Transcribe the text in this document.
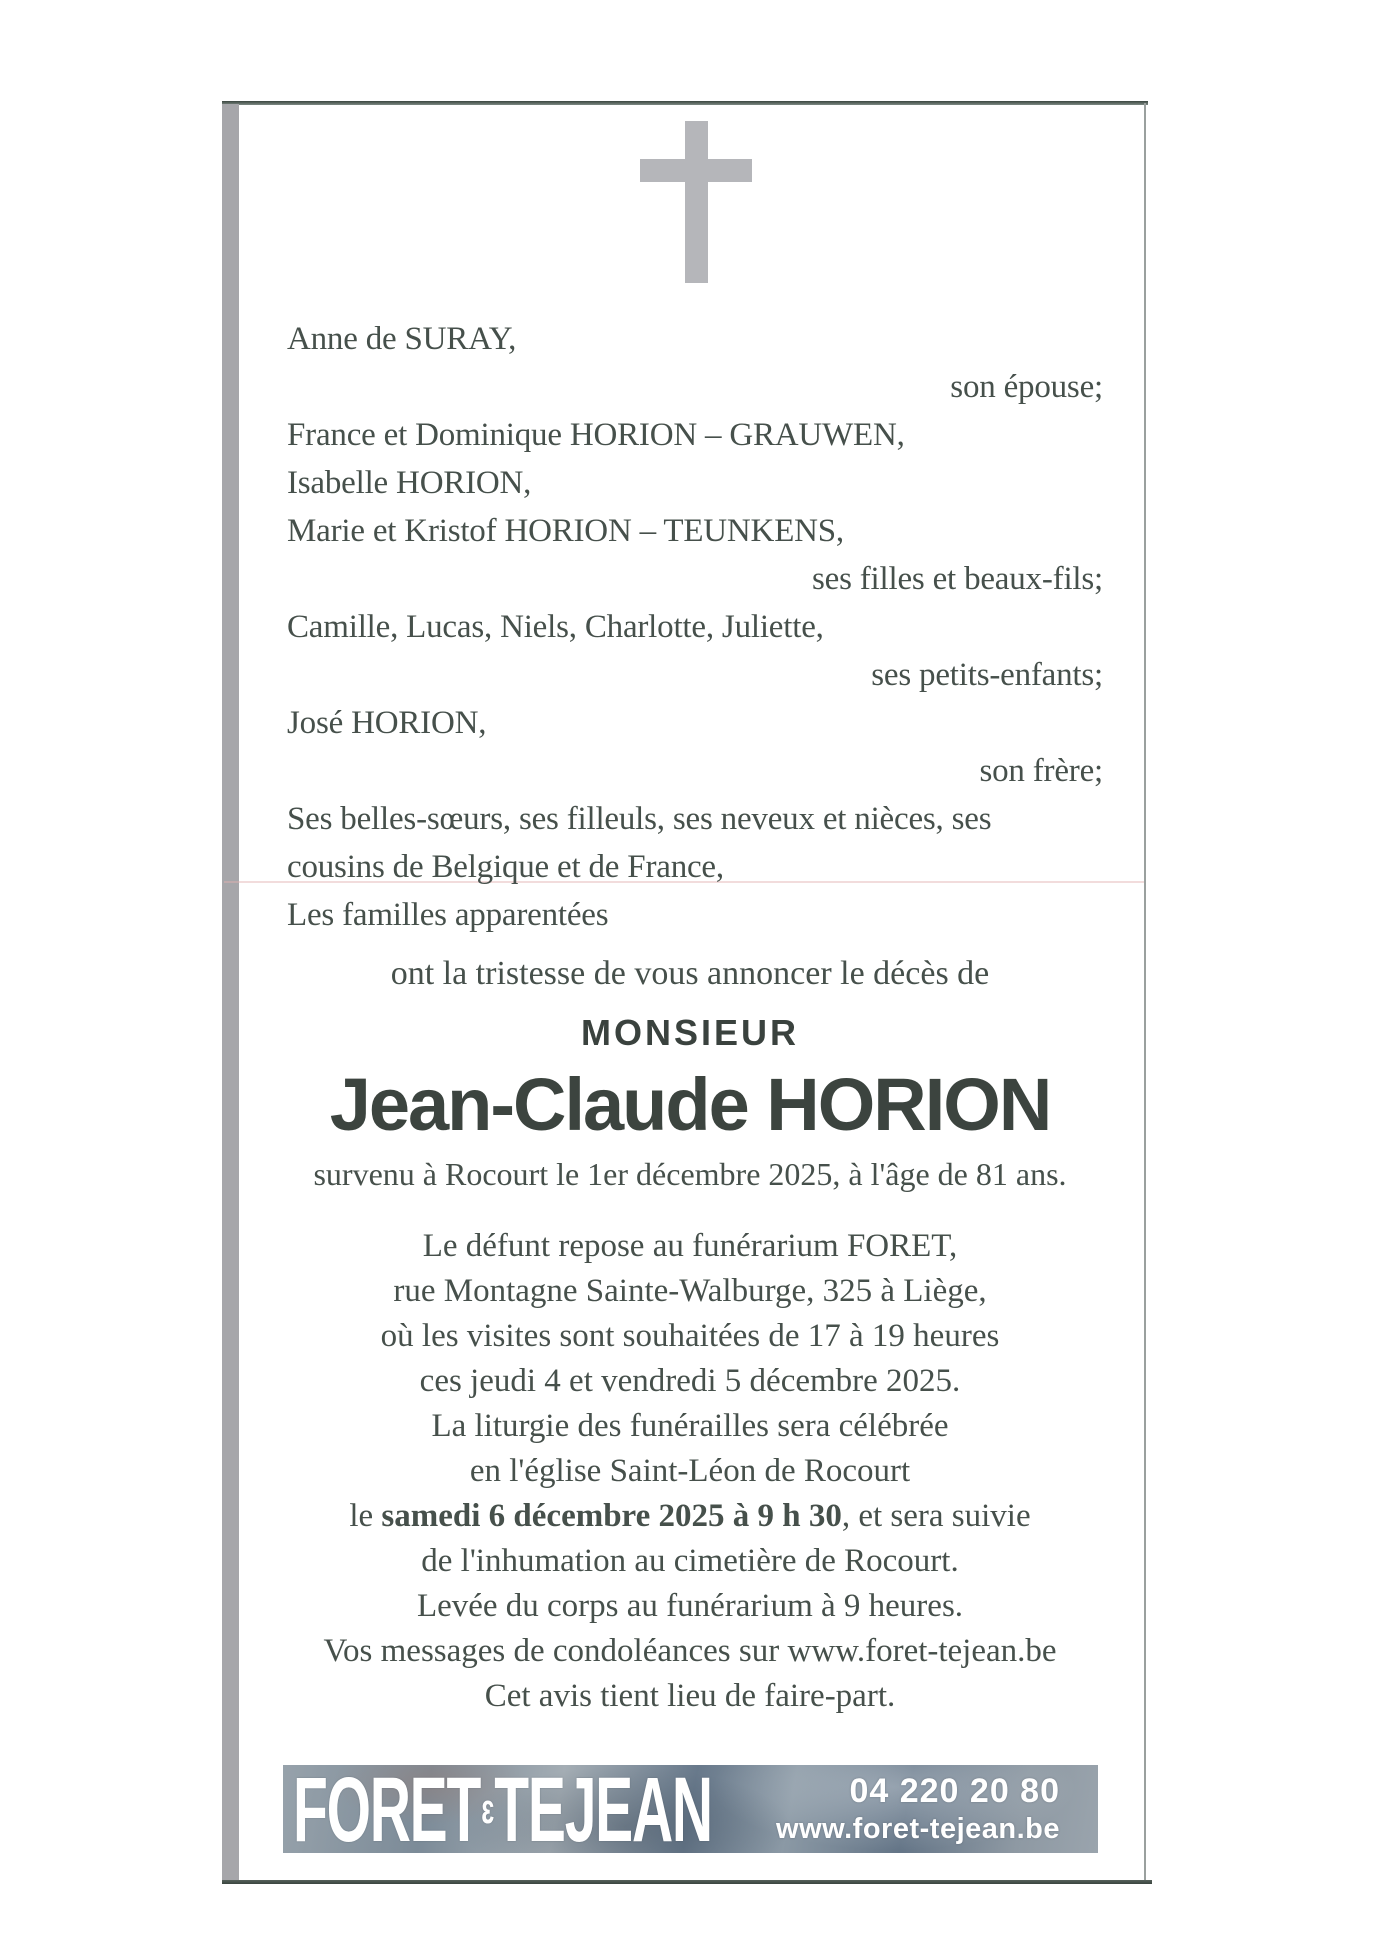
Anne de SURAY,
son épouse;
France et Dominique HORION – GRAUWEN,
Isabelle HORION,
Marie et Kristof HORION – TEUNKENS,
ses filles et beaux-fils;
Camille, Lucas, Niels, Charlotte, Juliette,
ses petits-enfants;
José HORION,
son frère;
Ses belles-sœurs, ses filleuls, ses neveux et nièces, ses
cousins de Belgique et de France,
Les familles apparentées
ont la tristesse de vous annoncer le décès de
MONSIEUR
Jean-Claude HORION
survenu à Rocourt le 1er décembre 2025, à l'âge de 81 ans.
Le défunt repose au funérarium FORET,
rue Montagne Sainte-Walburge, 325 à Liège,
où les visites sont souhaitées de 17 à 19 heures
ces jeudi 4 et vendredi 5 décembre 2025.
La liturgie des funérailles sera célébrée
en l'église Saint-Léon de Rocourt
le samedi 6 décembre 2025 à 9 h 30, et sera suivie
de l'inhumation au cimetière de Rocourt.
Levée du corps au funérarium à 9 heures.
Vos messages de condoléances sur www.foret-tejean.be
Cet avis tient lieu de faire-part.
FORETɛTEJEAN	04 220 20 80
www.foret-tejean.be
